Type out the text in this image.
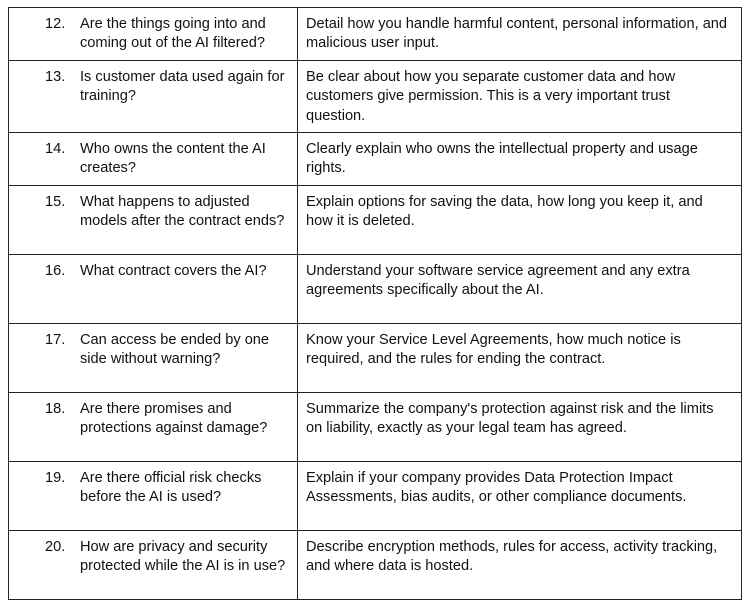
12. Are the things going into and coming out of the AI filtered?	Detail how you handle harmful content, personal information, and malicious user input.

13. Is customer data used again for training?	Be clear about how you separate customer data and how customers give permission. This is a very important trust question.

14. Who owns the content the AI creates?	Clearly explain who owns the intellectual property and usage rights.

15. What happens to adjusted models after the contract ends?	Explain options for saving the data, how long you keep it, and how it is deleted.

16. What contract covers the AI?	Understand your software service agreement and any extra agreements specifically about the AI.

17. Can access be ended by one side without warning?	Know your Service Level Agreements, how much notice is required, and the rules for ending the contract.

18. Are there promises and protections against damage?	Summarize the company's protection against risk and the limits on liability, exactly as your legal team has agreed.

19. Are there official risk checks before the AI is used?	Explain if your company provides Data Protection Impact Assessments, bias audits, or other compliance documents.

20. How are privacy and security protected while the AI is in use?	Describe encryption methods, rules for access, activity tracking, and where data is hosted.
